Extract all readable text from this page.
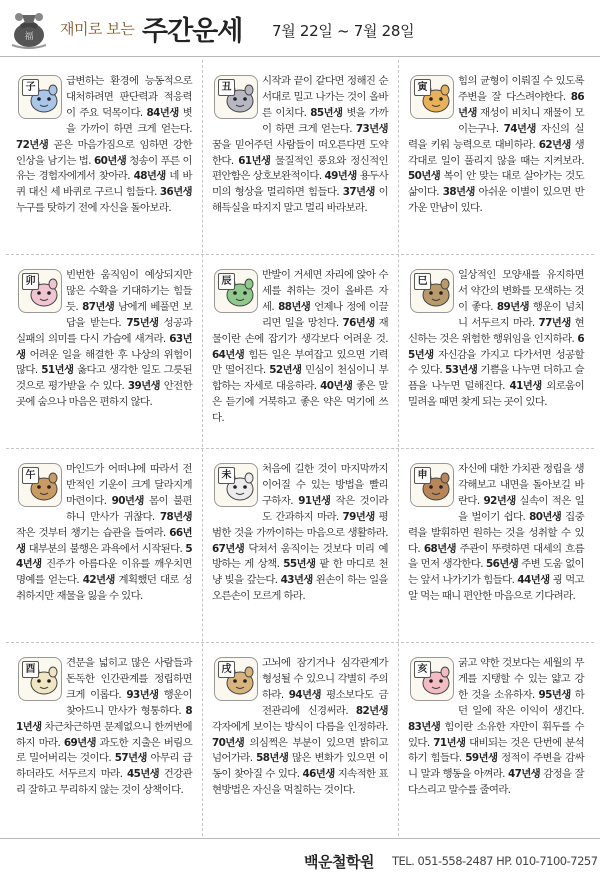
福 재미로 보는 주간운세 7월 22일 ~ 7월 28일
子
급변하는 환경에 능동적으로 대처하려면 판단력과 적응력이 주요 덕목이다. 84년생 볏을 가까이 하면 크게 얻는다. 72년생 곧은 마음가짐으로 임하면 강한 인상을 남기는 법. 60년생 청송이 푸른 이유는 경험자에게서 찾아라. 48년생 네 바퀴 대신 세 바퀴로 구르니 힘들다. 36년생 누구를 탓하기 전에 자신을 돌아보라.
丑
시작과 끝이 같다면 정해진 순서대로 밀고 나가는 것이 올바른 이치다. 85년생 볏을 가까이 하면 크게 얻는다. 73년생 꿈을 믿어주던 사람들이 떠오른다면 도약한다. 61년생 물질적인 풍요와 정신적인 편안함은 상호보완적이다. 49년생 용두사미의 형상을 멀리하면 힘들다. 37년생 이해득실을 따지지 말고 멀리 바라보라.
寅
힘의 균형이 이뤄질 수 있도록 주변을 잘 다스려야한다. 86년생 재성이 비치니 재물이 모이는구나. 74년생 자신의 실력을 키워 능력으로 대비하라. 62년생 생각대로 일이 풀리지 않을 때는 지켜보라. 50년생 복이 안 맞는 대로 살아가는 것도 삶이다. 38년생 아쉬운 이별이 있으면 반가운 만남이 있다.
卯
빈번한 움직임이 예상되지만 많은 수확을 기대하기는 힘들 듯. 87년생 남에게 베풀면 보답을 받는다. 75년생 성공과 실패의 의미를 다시 가슴에 새겨라. 63년생 어려운 일을 해결한 후 나상의 위험이 많다. 51년생 옳다고 생각한 일도 그릇된 것으로 평가받을 수 있다. 39년생 안전한 곳에 숨으나 마음은 편하지 않다.
辰
반발이 거세면 자리에 앉아 수세를 취하는 것이 올바른 자세. 88년생 언제나 정에 이끌리면 일을 망친다. 76년생 재물이란 손에 잡기가 생각보다 어려운 것. 64년생 힘든 일은 부여잡고 있으면 기력만 떨어진다. 52년생 민심이 천심이니 부합하는 자세로 대응하라. 40년생 좋은 말은 듣기에 거북하고 좋은 약은 먹기에 쓰다.
巳
일상적인 모양새를 유지하면서 약간의 변화를 모색하는 것이 좋다. 89년생 행운이 넘치니 서두르지 마라. 77년생 현신하는 것은 위험한 행위임을 인지하라. 65년생 자신감을 가지고 다가서면 성공할 수 있다. 53년생 기쁨을 나누면 더하고 슬픔을 나누면 덜해진다. 41년생 외로움이 밀려올 때면 찾게 되는 곳이 있다.
午
마인드가 어떠냐에 따라서 전반적인 기운이 크게 달라지게 마련이다. 90년생 몸이 불편하니 만사가 귀찮다. 78년생 작은 것부터 챙기는 습관을 들여라. 66년생 대부분의 불행은 과욕에서 시작된다. 54년생 진주가 아름다운 이유를 깨우치면 명예를 얻는다. 42년생 계획했던 대로 성취하지만 재물을 잃을 수 있다.
未
처음에 길한 것이 마지막까지 이어질 수 있는 방법을 빨리 구하자. 91년생 작은 것이라도 간과하지 마라. 79년생 평범한 것을 가까이하는 마음으로 생활하라. 67년생 닥쳐서 움직이는 것보다 미리 예방하는 게 상책. 55년생 팥 한 마디로 천냥 빚을 갚는다. 43년생 왼손이 하는 일을 오른손이 모르게 하라.
申
자신에 대한 가치관 정립을 생각해보고 내면을 돌아보길 바란다. 92년생 실속이 적은 일을 벌이기 쉽다. 80년생 집중력을 발휘하면 원하는 것을 성취할 수 있다. 68년생 주관이 뚜렷하면 대세의 흐름을 먼저 생각한다. 56년생 주변 도움 없이는 앞서 나가기가 힘들다. 44년생 굉 먹고 알 먹는 때니 편안한 마음으로 기다려라.
酉
견문을 넓히고 많은 사람들과 돈독한 인간관계를 정립하면 크게 이롭다. 93년생 행운이 찾아드니 만사가 형통하다. 81년생 차근차근하면 문제없으니 한꺼번에 하지 마라. 69년생 과도한 지출은 버림으로 밀어버리는 것이다. 57년생 아무리 급하더라도 서두르지 마라. 45년생 건강관리 잘하고 무리하지 않는 것이 상책이다.
戌
고뇌에 잠기거나 심각관계가 형성될 수 있으니 각별히 주의하라. 94년생 평소보다도 금전관리에 신경써라. 82년생 각자에게 보이는 방식이 다름을 인정하라. 70년생 의심쩍은 부분이 있으면 밝히고 넘어가라. 58년생 많은 변화가 있으면 이동이 찾아질 수 있다. 46년생 지속적한 표현방법은 자신을 먹칠하는 것이다.
亥
굵고 약한 것보다는 세월의 무게를 지탱할 수 있는 얇고 강한 것을 소유하자. 95년생 하던 일에 작은 이익이 생긴다. 83년생 힘이란 소유한 자만이 휘두를 수 있다. 71년생 대비되는 것은 단번에 분석하기 힘들다. 59년생 정적이 주변을 감싸니 말과 행동을 아껴라. 47년생 감정을 잘 다스리고 말수를 줄여라.
백운철학원 TEL. 051-558-2487 HP. 010-7100-7257
